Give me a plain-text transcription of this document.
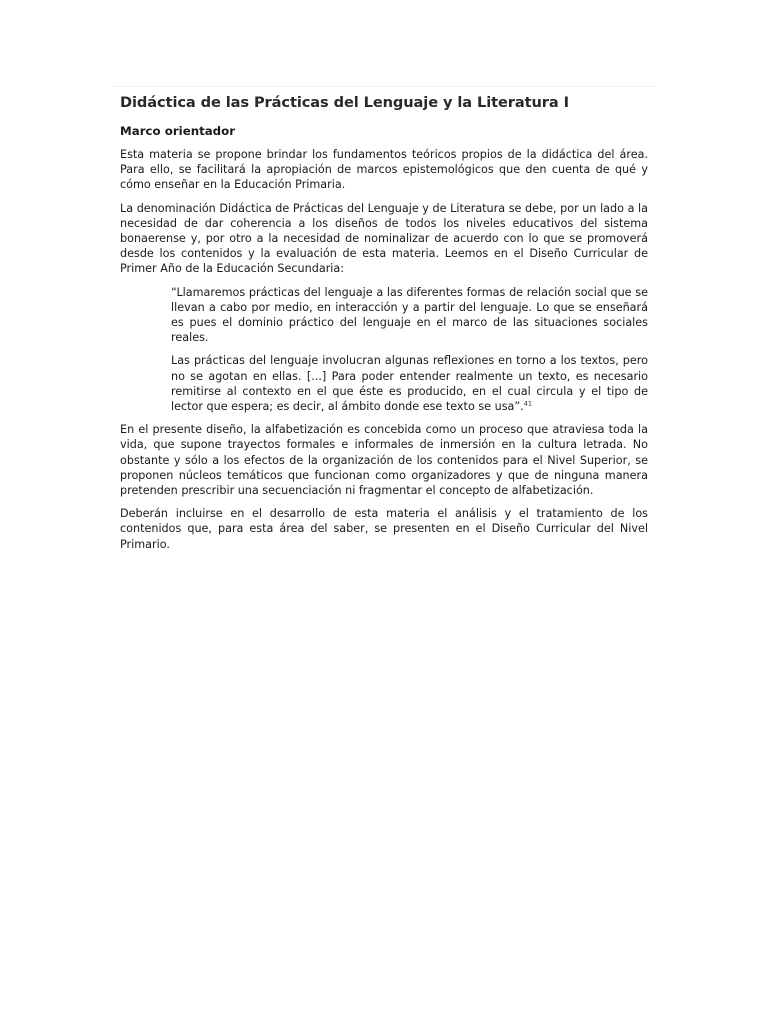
Didáctica de las Prácticas del Lenguaje y la Literatura I
Marco orientador

Esta materia se propone brindar los fundamentos teóricos propios de la didáctica del área. Para ello, se facilitará la apropiación de marcos epistemológicos que den cuenta de qué y cómo enseñar en la Educación Primaria.

La denominación Didáctica de Prácticas del Lenguaje y de Literatura se debe, por un lado a la necesidad de dar coherencia a los diseños de todos los niveles educativos del sistema bonaerense y, por otro a la necesidad de nominalizar de acuerdo con lo que se promoverá desde los contenidos y la evaluación de esta materia. Leemos en el Diseño Curricular de Primer Año de la Educación Secundaria:

“Llamaremos prácticas del lenguaje a las diferentes formas de relación social que se llevan a cabo por medio, en interacción y a partir del lenguaje. Lo que se enseñará es pues el dominio práctico del lenguaje en el marco de las situaciones sociales reales.

Las prácticas del lenguaje involucran algunas reflexiones en torno a los textos, pero no se agotan en ellas. [...] Para poder entender realmente un texto, es necesario remitirse al contexto en el que éste es producido, en el cual circula y el tipo de lector que espera; es decir, al ámbito donde ese texto se usa”.$^{41}$

En el presente diseño, la alfabetización es concebida como un proceso que atraviesa toda la vida, que supone trayectos formales e informales de inmersión en la cultura letrada. No obstante y sólo a los efectos de la organización de los contenidos para el Nivel Superior, se proponen núcleos temáticos que funcionan como organizadores y que de ninguna manera pretenden prescribir una secuenciación ni fragmentar el concepto de alfabetización.

Deberán incluirse en el desarrollo de esta materia el análisis y el tratamiento de los contenidos que, para esta área del saber, se presenten en el Diseño Curricular del Nivel Primario.
